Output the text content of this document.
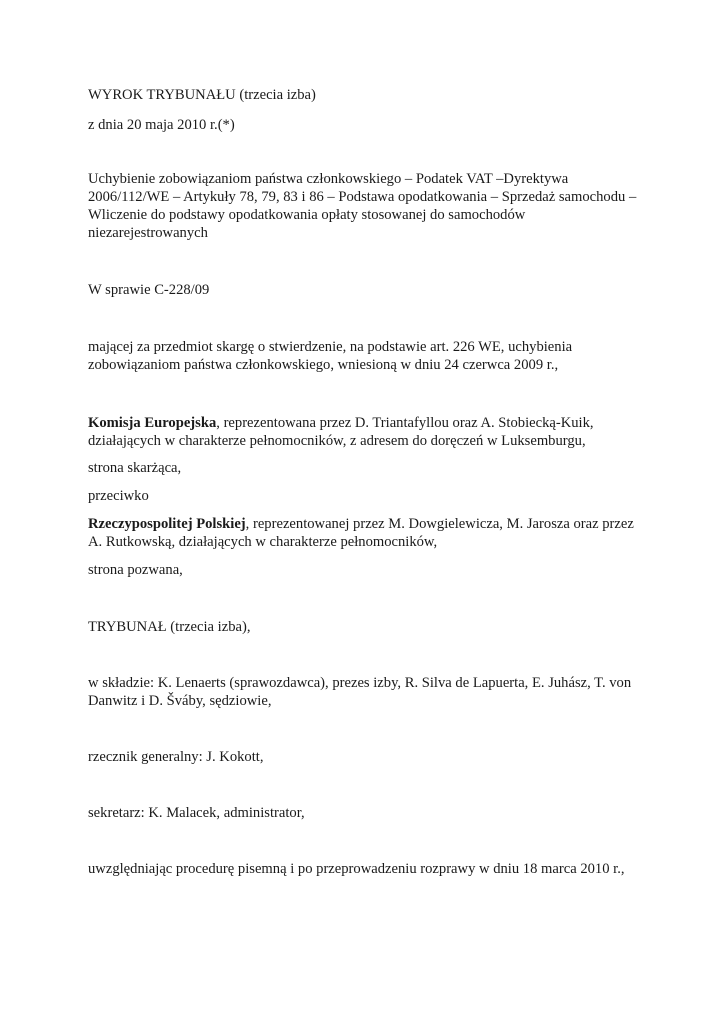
WYROK TRYBUNAŁU (trzecia izba)

z dnia 20 maja 2010 r.(*)

Uchybienie zobowiązaniom państwa członkowskiego – Podatek VAT –Dyrektywa 2006/112/WE – Artykuły 78, 79, 83 i 86 – Podstawa opodatkowania – Sprzedaż samochodu – Wliczenie do podstawy opodatkowania opłaty stosowanej do samochodów niezarejestrowanych

W sprawie C‑228/09

mającej za przedmiot skargę o stwierdzenie, na podstawie art. 226 WE, uchybienia zobowiązaniom państwa członkowskiego, wniesioną w dniu 24 czerwca 2009 r.,

Komisja Europejska, reprezentowana przez D. Triantafyllou oraz A. Stobiecką‑Kuik, działających w charakterze pełnomocników, z adresem do doręczeń w Luksemburgu,

strona skarżąca,

przeciwko

Rzeczypospolitej Polskiej, reprezentowanej przez M. Dowgielewicza, M. Jarosza oraz przez A. Rutkowską, działających w charakterze pełnomocników,

strona pozwana,

TRYBUNAŁ (trzecia izba),

w składzie: K. Lenaerts (sprawozdawca), prezes izby, R. Silva de Lapuerta, E. Juhász, T. von Danwitz i D. Šváby, sędziowie,

rzecznik generalny: J. Kokott,

sekretarz: K. Malacek, administrator,

uwzględniając procedurę pisemną i po przeprowadzeniu rozprawy w dniu 18 marca 2010 r.,
